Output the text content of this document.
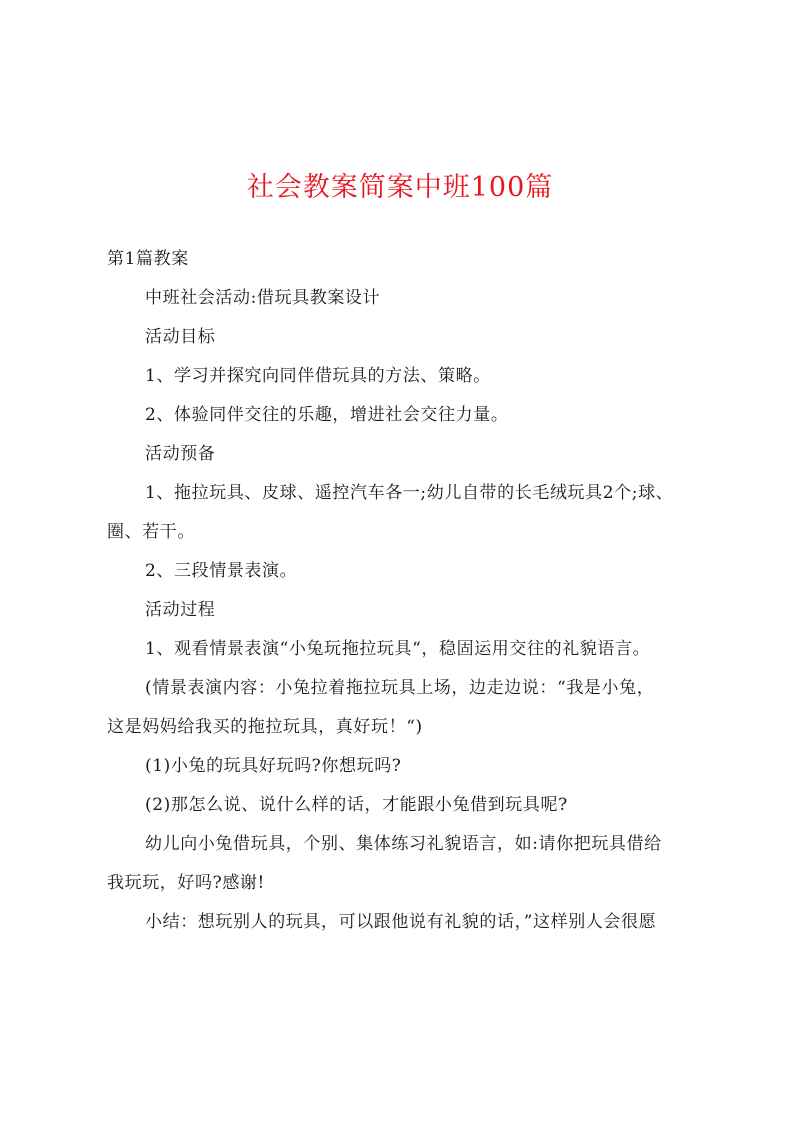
社会教案简案中班100篇

第1篇教案

中班社会活动:借玩具教案设计

活动目标

1、学习并探究向同伴借玩具的方法、策略。

2、体验同伴交往的乐趣，增进社会交往力量。

活动预备

1、拖拉玩具、皮球、遥控汽车各一;幼儿自带的长毛绒玩具2个;球、

圈、若干。

2、三段情景表演。

活动过程

1、观看情景表演“小兔玩拖拉玩具“，稳固运用交往的礼貌语言。

(情景表演内容：小兔拉着拖拉玩具上场，边走边说：“我是小兔，

这是妈妈给我买的拖拉玩具，真好玩！“)

(1)小兔的玩具好玩吗?你想玩吗?

(2)那怎么说、说什么样的话，才能跟小兔借到玩具呢?

幼儿向小兔借玩具，个别、集体练习礼貌语言，如:请你把玩具借给

我玩玩，好吗?感谢!

小结：想玩别人的玩具，可以跟他说有礼貌的话，”这样别人会很愿
